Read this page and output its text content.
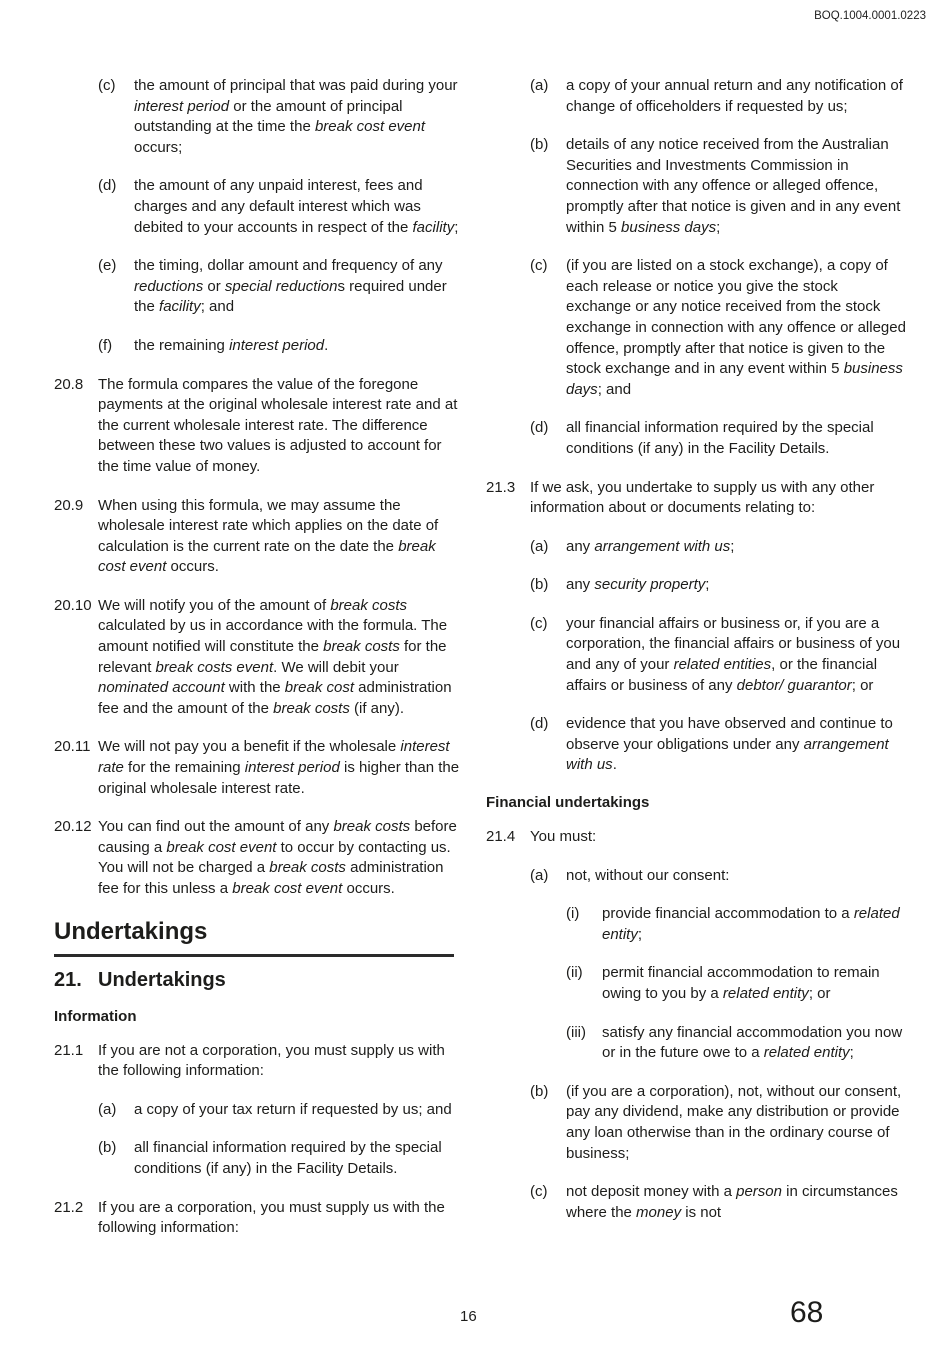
BOQ.1004.0001.0223
(c)	the amount of principal that was paid during your interest period or the amount of principal outstanding at the time the break cost event occurs;
(d)	the amount of any unpaid interest, fees and charges and any default interest which was debited to your accounts in respect of the facility;
(e)	the timing, dollar amount and frequency of any reductions or special reductions required under the facility; and
(f)	the remaining interest period.
20.8 The formula compares the value of the foregone payments at the original wholesale interest rate and at the current wholesale interest rate. The difference between these two values is adjusted to account for the time value of money.
20.9 When using this formula, we may assume the wholesale interest rate which applies on the date of calculation is the current rate on the date the break cost event occurs.
20.10 We will notify you of the amount of break costs calculated by us in accordance with the formula. The amount notified will constitute the break costs for the relevant break costs event. We will debit your nominated account with the break cost administration fee and the amount of the break costs (if any).
20.11 We will not pay you a benefit if the wholesale interest rate for the remaining interest period is higher than the original wholesale interest rate.
20.12 You can find out the amount of any break costs before causing a break cost event to occur by contacting us. You will not be charged a break costs administration fee for this unless a break cost event occurs.
Undertakings
21. Undertakings
Information
21.1 If you are not a corporation, you must supply us with the following information:
(a)	a copy of your tax return if requested by us; and
(b)	all financial information required by the special conditions (if any) in the Facility Details.
21.2 If you are a corporation, you must supply us with the following information:
(a)	a copy of your annual return and any notification of change of officeholders if requested by us;
(b)	details of any notice received from the Australian Securities and Investments Commission in connection with any offence or alleged offence, promptly after that notice is given and in any event within 5 business days;
(c)	(if you are listed on a stock exchange), a copy of each release or notice you give the stock exchange or any notice received from the stock exchange in connection with any offence or alleged offence, promptly after that notice is given to the stock exchange and in any event within 5 business days; and
(d)	all financial information required by the special conditions (if any) in the Facility Details.
21.3 If we ask, you undertake to supply us with any other information about or documents relating to:
(a)	any arrangement with us;
(b)	any security property;
(c)	your financial affairs or business or, if you are a corporation, the financial affairs or business of you and any of your related entities, or the financial affairs or business of any debtor/ guarantor; or
(d)	evidence that you have observed and continue to observe your obligations under any arrangement with us.
Financial undertakings
21.4 You must:
(a)	not, without our consent:
(i)	provide financial accommodation to a related entity;
(ii)	permit financial accommodation to remain owing to you by a related entity; or
(iii)	satisfy any financial accommodation you now or in the future owe to a related entity;
(b)	(if you are a corporation), not, without our consent, pay any dividend, make any distribution or provide any loan otherwise than in the ordinary course of business;
(c)	not deposit money with a person in circumstances where the money is not
16	68
